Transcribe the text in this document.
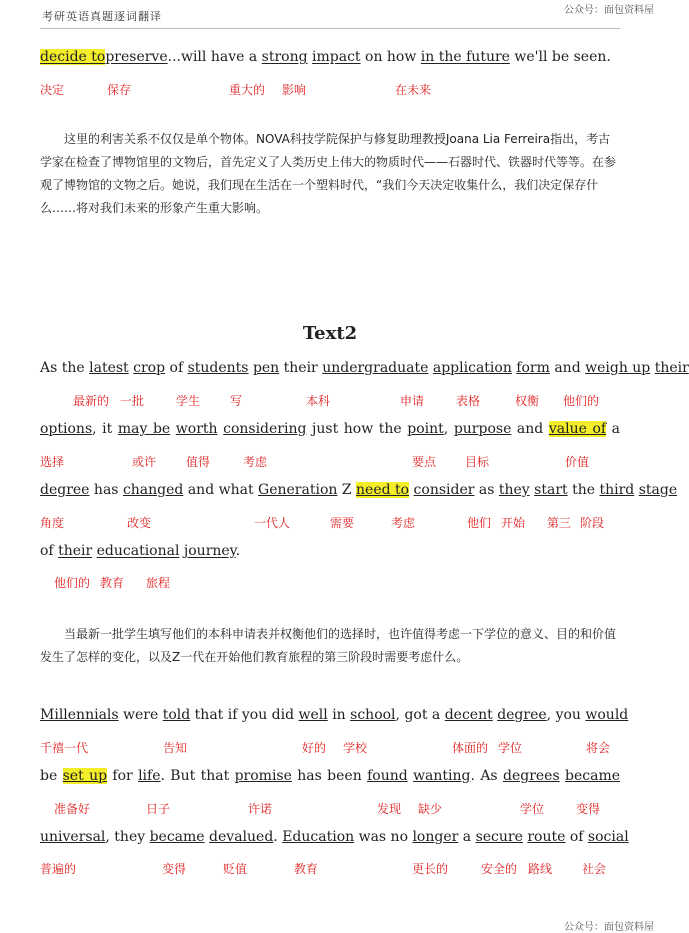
考研英语真题逐词翻译	公众号：面包资料屋
decide topreserve...will have a strong impact on how in the future we'll be seen.
决定	保存	重大的 影响	在未来
这里的利害关系不仅仅是单个物体。NOVA科技学院保护与修复助理教授Joana Lia Ferreira指出，考古学家在检查了博物馆里的文物后，首先定义了人类历史上伟大的物质时代——石器时代、铁器时代等等。在参观了博物馆的文物之后。她说，我们现在生活在一个塑料时代，“我们今天决定收集什么，我们决定保存什么……将对我们未来的形象产生重大影响。
Text2
As the latest crop of students pen their undergraduate application form and weigh up their
最新的 一批	学生 写	本科	申请	表格	权衡 他们的
options, it may be worth considering just how the point, purpose and value of a
选择	或许 值得	考虑	要点 目标	价值
degree has changed and what Generation Z need to consider as they start the third stage
角度	改变	一代人	需要	考虑	他们 开始 第三 阶段
of their educational journey.
他们的 教育 旅程
当最新一批学生填写他们的本科申请表并权衡他们的选择时，也许值得考虑一下学位的意义、目的和价值发生了怎样的变化，以及Z一代在开始他们教育旅程的第三阶段时需要考虑什么。
Millennials were told that if you did well in school, got a decent degree, you would
千禧一代	告知	好的 学校	体面的 学位	将会
be set up for life. But that promise has been found wanting. As degrees became
准备好	日子	许诺	发现 缺少	学位	变得
universal, they became devalued. Education was no longer a secure route of social
普遍的	变得	贬值	教育	更长的	安全的 路线 社会
公众号：面包资料屋
